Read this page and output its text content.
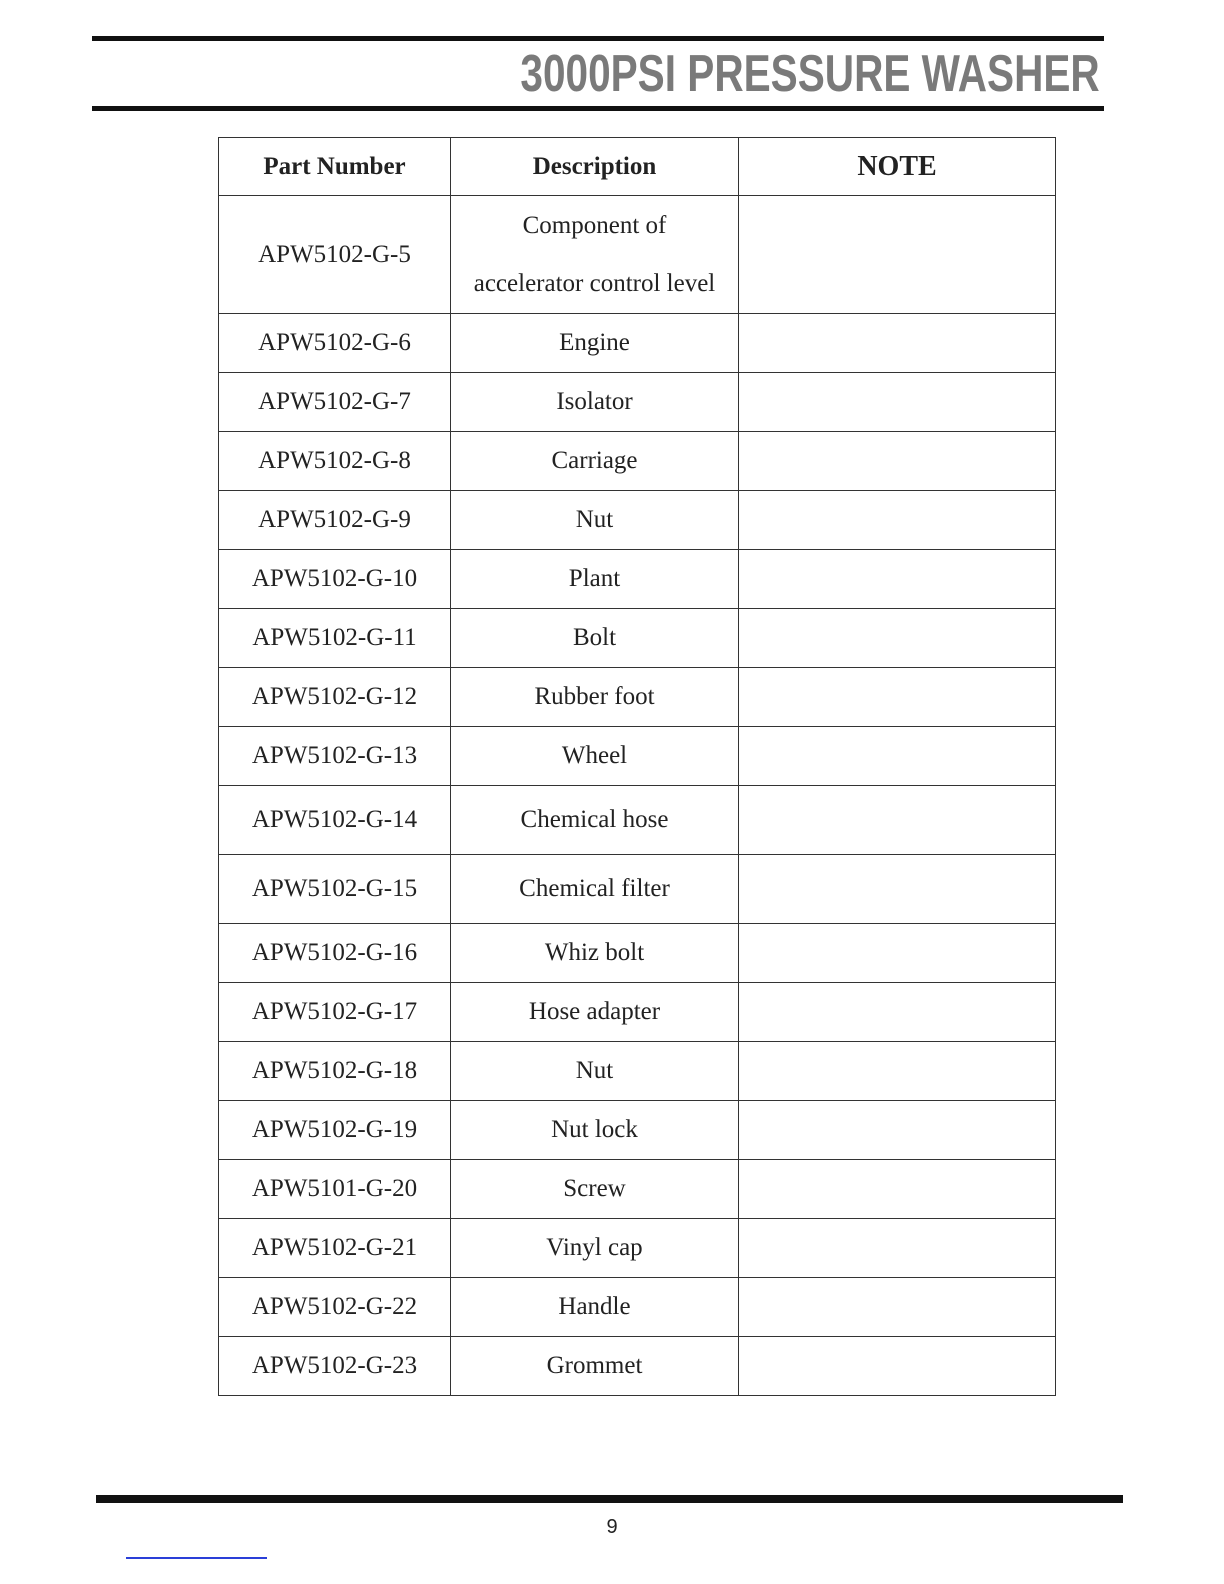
3000PSI PRESSURE WASHER
Part Number	Description	NOTE
APW5102-G-5	Component of
accelerator control level	

APW5102-G-6	Engine	
APW5102-G-7	Isolator	
APW5102-G-8	Carriage	
APW5102-G-9	Nut	
APW5102-G-10	Plant	
APW5102-G-11	Bolt	
APW5102-G-12	Rubber foot	
APW5102-G-13	Wheel	
APW5102-G-14	Chemical hose	
APW5102-G-15	Chemical filter	
APW5102-G-16	Whiz bolt	
APW5102-G-17	Hose adapter	
APW5102-G-18	Nut	
APW5102-G-19	Nut lock	
APW5101-G-20	Screw	
APW5102-G-21	Vinyl cap	
APW5102-G-22	Handle	
APW5102-G-23	Grommet	
9
